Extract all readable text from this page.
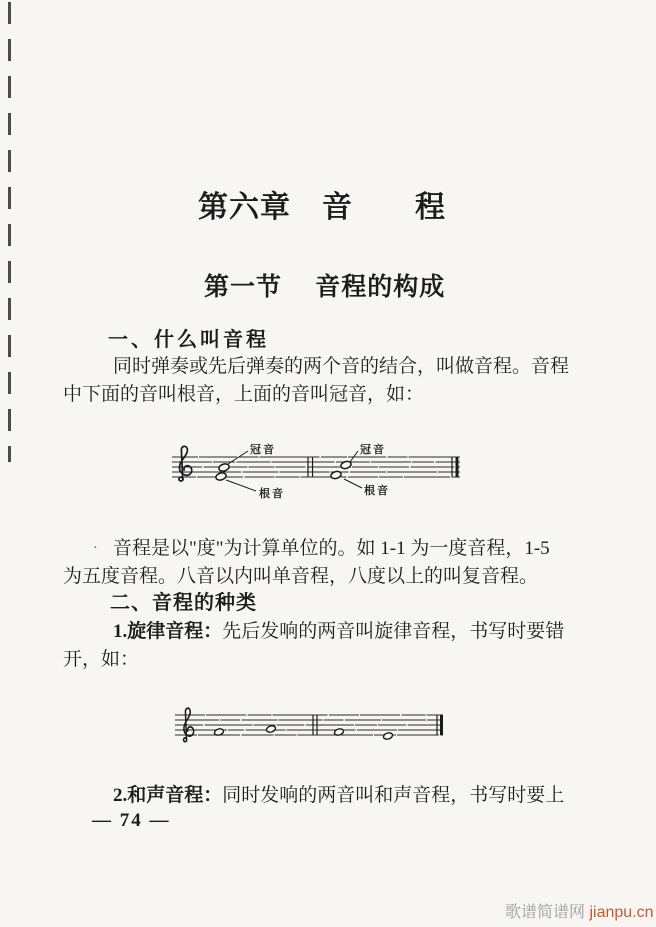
第六章　音　　程
第一节　 音程的构成
一、什么叫音程
同时弹奏或先后弹奏的两个音的结合，叫做音程。音程
中下面的音叫根音，上面的音叫冠音，如：
冠音
根音
冠音
根音
· 音程是以"度"为计算单位的。如 1-1 为一度音程，1-5
为五度音程。八音以内叫单音程，八度以上的叫复音程。
二、音程的种类
1.旋律音程：先后发响的两音叫旋律音程，书写时要错
开，如：
2.和声音程：同时发响的两音叫和声音程，书写时要上
— 74 —
歌谱简谱网 jianpu.cn
